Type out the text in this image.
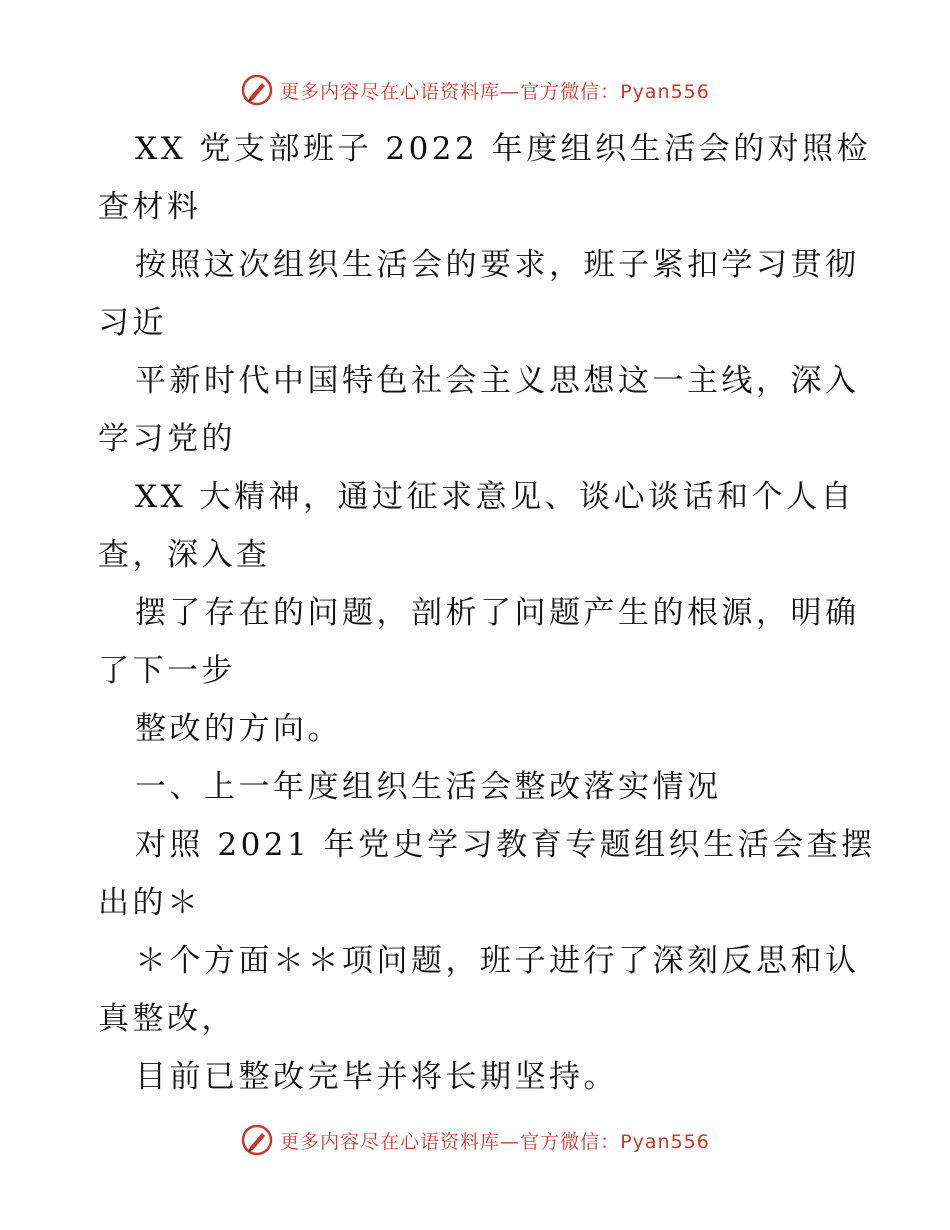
更多内容尽在心语资料库—官方微信：Pyan556
XX 党支部班子 2022 年度组织生活会的对照检
查材料
按照这次组织生活会的要求，班子紧扣学习贯彻
习近
平新时代中国特色社会主义思想这一主线，深入
学习党的
XX 大精神，通过征求意见、谈心谈话和个人自
查，深入查
摆了存在的问题，剖析了问题产生的根源，明确
了下一步
整改的方向。
一、上一年度组织生活会整改落实情况
对照 2021 年党史学习教育专题组织生活会查摆
出的＊
＊个方面＊＊项问题，班子进行了深刻反思和认
真整改，
目前已整改完毕并将长期坚持。
更多内容尽在心语资料库—官方微信：Pyan556
